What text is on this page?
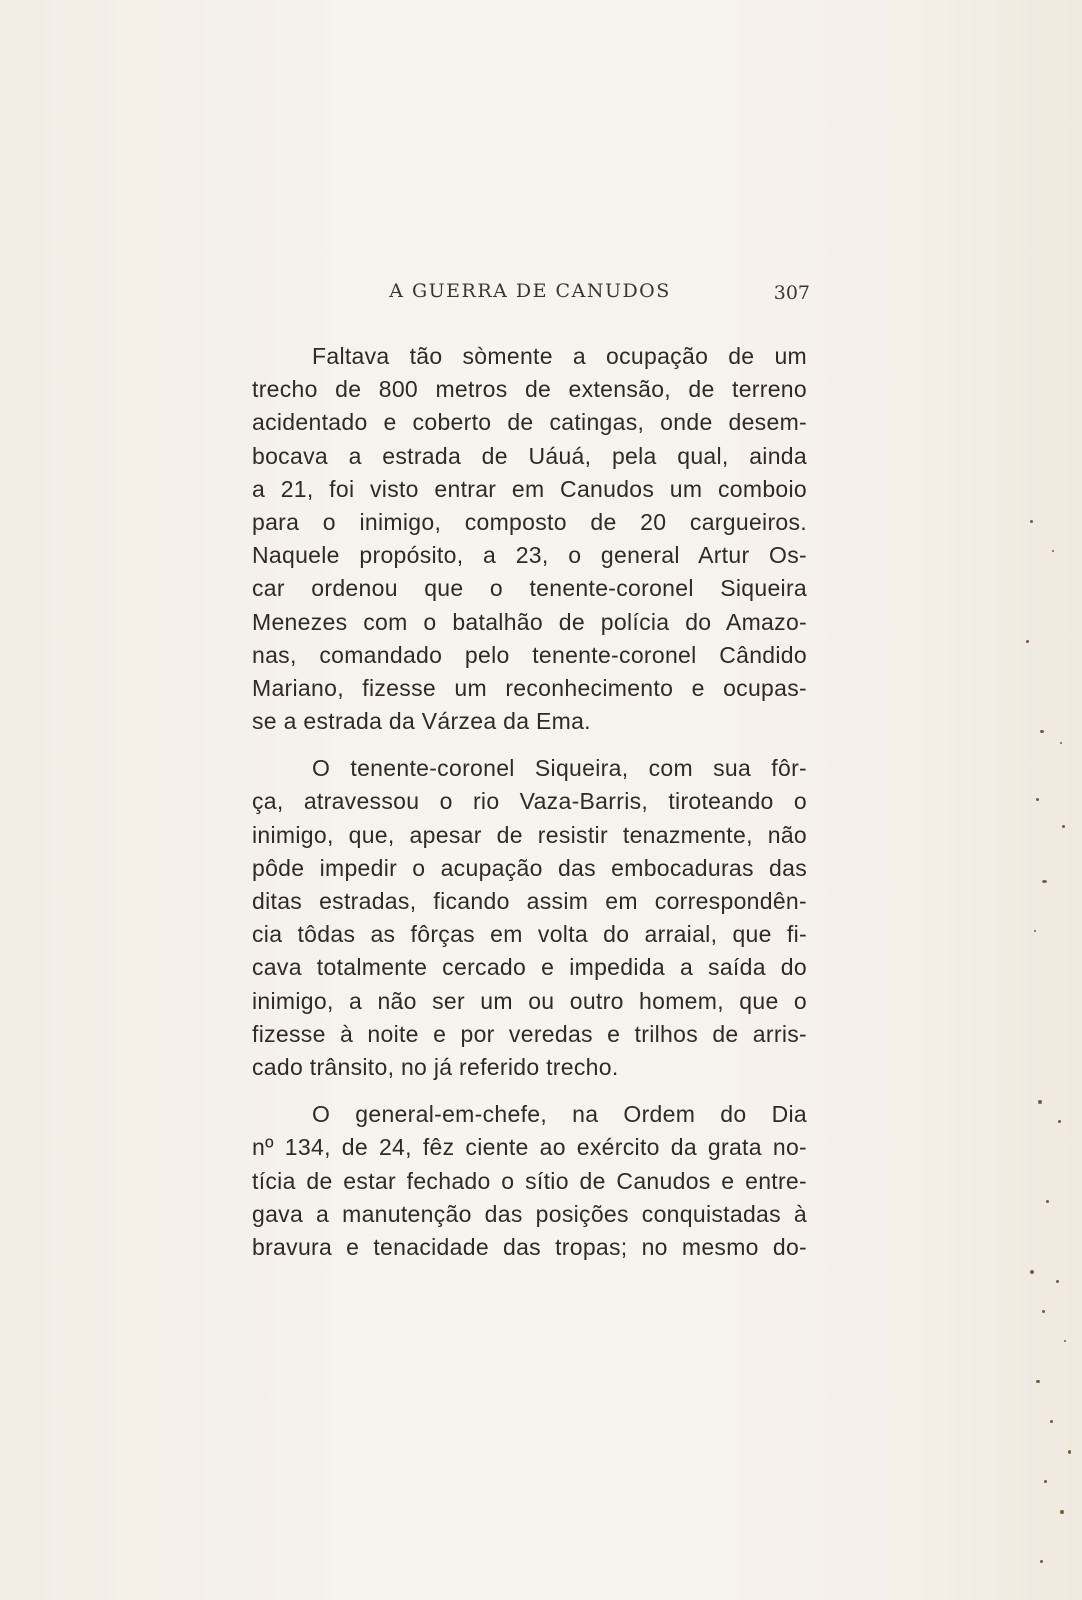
A GUERRA DE CANUDOS	307
Faltava tão sòmente a ocupação de um
trecho de 800 metros de extensão, de terreno
acidentado e coberto de catingas, onde desem-
bocava a estrada de Uáuá, pela qual, ainda
a 21, foi visto entrar em Canudos um comboio
para o inimigo, composto de 20 cargueiros.
Naquele propósito, a 23, o general Artur Os-
car ordenou que o tenente-coronel Siqueira
Menezes com o batalhão de polícia do Amazo-
nas, comandado pelo tenente-coronel Cândido
Mariano, fizesse um reconhecimento e ocupas-
se a estrada da Várzea da Ema.
O tenente-coronel Siqueira, com sua fôr-
ça, atravessou o rio Vaza-Barris, tiroteando o
inimigo, que, apesar de resistir tenazmente, não
pôde impedir o acupação das embocaduras das
ditas estradas, ficando assim em correspondên-
cia tôdas as fôrças em volta do arraial, que fi-
cava totalmente cercado e impedida a saída do
inimigo, a não ser um ou outro homem, que o
fizesse à noite e por veredas e trilhos de arris-
cado trânsito, no já referido trecho.
O general-em-chefe, na Ordem do Dia
nº 134, de 24, fêz ciente ao exército da grata no-
tícia de estar fechado o sítio de Canudos e entre-
gava a manutenção das posições conquistadas à
bravura e tenacidade das tropas; no mesmo do-
